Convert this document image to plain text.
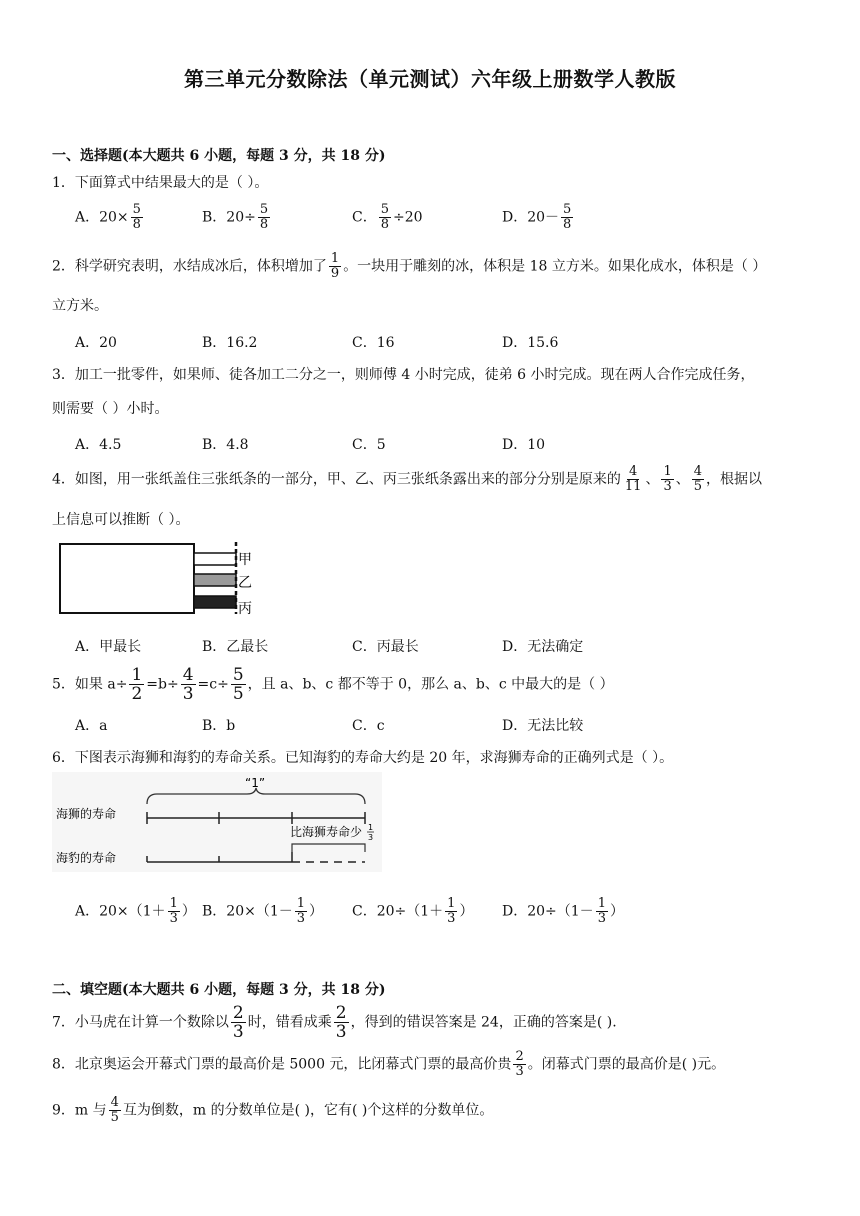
第三单元分数除法（单元测试）六年级上册数学人教版
一、选择题(本大题共 6 小题，每题 3 分，共 18 分)
1．下面算式中结果最大的是（ ）。
A．$20\times \frac{5}{8}$	B．$20\div \frac{5}{8}$	C． $\frac{5}{8} \div 20$	D．$20- \frac{5}{8}$
2．科学研究表明，水结成冰后，体积增加了 $\frac{1}{9}$ 。一块用于雕刻的冰，体积是 18 立方米。如果化成水，体积是（ ）
立方米。
A．20	B．16.2	C．16	D．15.6
3．加工一批零件，如果师、徒各加工二分之一，则师傅 4 小时完成，徒弟 6 小时完成。现在两人合作完成任务，
则需要（ ）小时。
A．4.5	B．4.8	C．5	D．10
4．如图，用一张纸盖住三张纸条的一部分，甲、乙、丙三张纸条露出来的部分分别是原来的 $\frac{4}{11}$ 、 $\frac{1}{3}$ 、 $\frac{4}{5}$ ，根据以
上信息可以推断（ ）。
甲
乙
丙
A．甲最长	B．乙最长	C．丙最长	D．无法确定
5．如果 $a\div \frac{1}{2} =b\div \frac{4}{3} =c\div \frac{5}{5}$ ，且 a、b、c 都不等于 0，那么 a、b、c 中最大的是（ ）
A．a	B．b	C．c	D．无法比较
6．下图表示海狮和海豹的寿命关系。已知海豹的寿命大约是 20 年，求海狮寿命的正确列式是（ ）。
“1”
海狮的寿命
比海狮寿命少 1
3
海豹的寿命
A．$20\times(1+ \frac{1}{3}$ ） B．$20\times(1- \frac{1}{3}$ ） C．$20\div(1+ \frac{1}{3}$ ） D．$20\div(1- \frac{1}{3}$ ）
二、填空题(本大题共 6 小题，每题 3 分，共 18 分)
7．小马虎在计算一个数除以 $\frac{2}{3}$ 时，错看成乘 $\frac{2}{3}$ ，得到的错误答案是 24，正确的答案是( ).
8．北京奥运会开幕式门票的最高价是 5000 元，比闭幕式门票的最高价贵 $\frac{2}{3}$ 。闭幕式门票的最高价是( )元。
9．m 与 $\frac{4}{5}$ 互为倒数，m 的分数单位是( )，它有( )个这样的分数单位。
